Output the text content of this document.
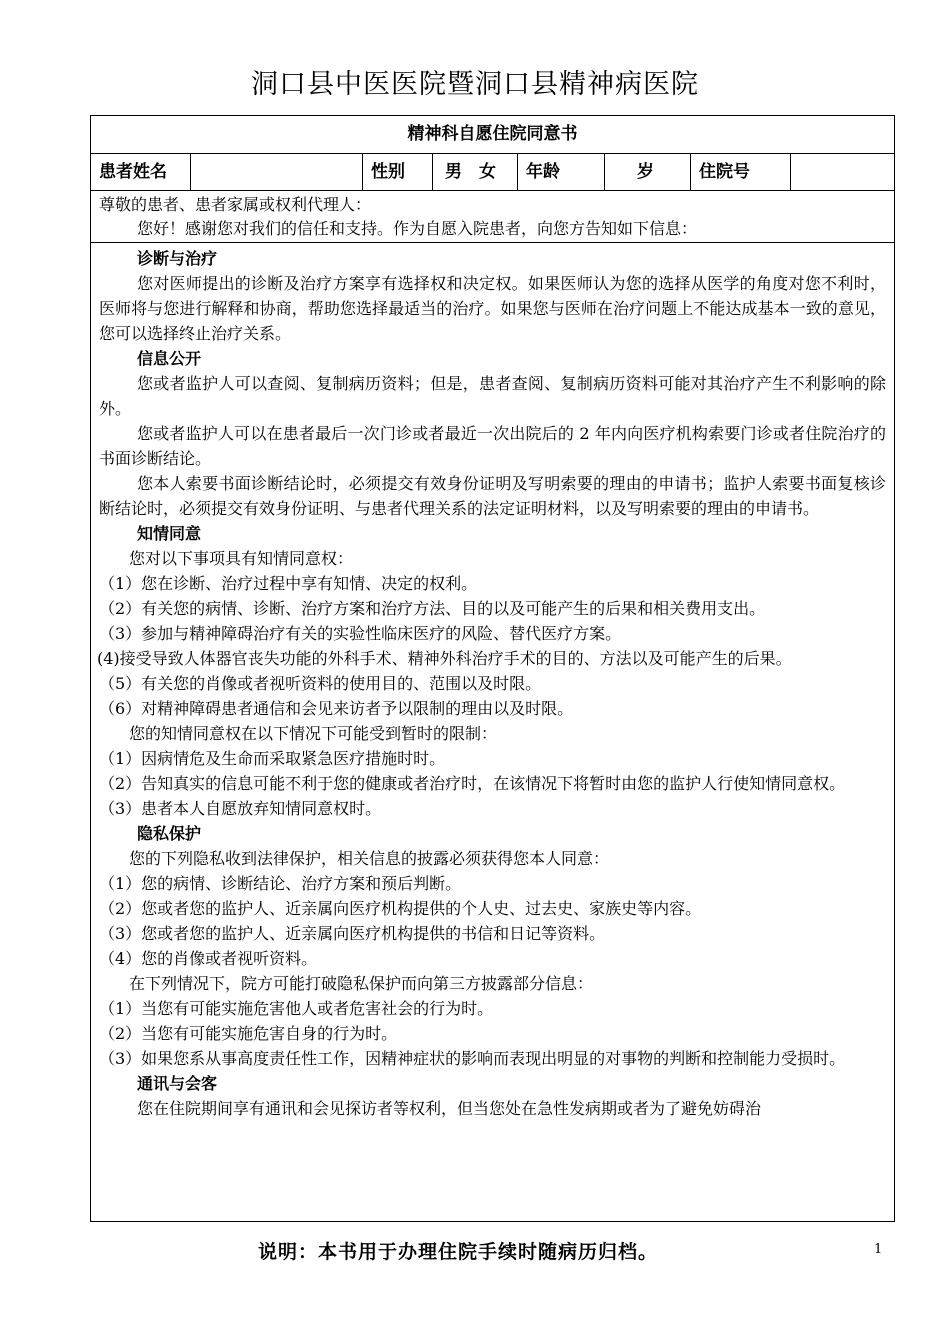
洞口县中医医院暨洞口县精神病医院
精神科自愿住院同意书
患者姓名	性别	男　女	年龄	岁	住院号

尊敬的患者、患者家属或权利代理人：

您好！感谢您对我们的信任和支持。作为自愿入院患者，向您方告知如下信息：

诊断与治疗

您对医师提出的诊断及治疗方案享有选择权和决定权。如果医师认为您的选择从医学的角度对您不利时，医师将与您进行解释和协商，帮助您选择最适当的治疗。如果您与医师在治疗问题上不能达成基本一致的意见，您可以选择终止治疗关系。

信息公开

您或者监护人可以查阅、复制病历资料；但是，患者查阅、复制病历资料可能对其治疗产生不利影响的除外。

您或者监护人可以在患者最后一次门诊或者最近一次出院后的 2 年内向医疗机构索要门诊或者住院治疗的书面诊断结论。

您本人索要书面诊断结论时，必须提交有效身份证明及写明索要的理由的申请书；监护人索要书面复核诊断结论时，必须提交有效身份证明、与患者代理关系的法定证明材料，以及写明索要的理由的申请书。

知情同意

您对以下事项具有知情同意权：

（1）您在诊断、治疗过程中享有知情、决定的权利。

（2）有关您的病情、诊断、治疗方案和治疗方法、目的以及可能产生的后果和相关费用支出。

（3）参加与精神障碍治疗有关的实验性临床医疗的风险、替代医疗方案。

(4)接受导致人体器官丧失功能的外科手术、精神外科治疗手术的目的、方法以及可能产生的后果。

（5）有关您的肖像或者视听资料的使用目的、范围以及时限。

（6）对精神障碍患者通信和会见来访者予以限制的理由以及时限。

您的知情同意权在以下情况下可能受到暂时的限制：

（1）因病情危及生命而采取紧急医疗措施时时。

（2）告知真实的信息可能不利于您的健康或者治疗时，在该情况下将暂时由您的监护人行使知情同意权。

（3）患者本人自愿放弃知情同意权时。

隐私保护

您的下列隐私收到法律保护，相关信息的披露必须获得您本人同意：

（1）您的病情、诊断结论、治疗方案和预后判断。

（2）您或者您的监护人、近亲属向医疗机构提供的个人史、过去史、家族史等内容。

（3）您或者您的监护人、近亲属向医疗机构提供的书信和日记等资料。

（4）您的肖像或者视听资料。

在下列情况下，院方可能打破隐私保护而向第三方披露部分信息：

（1）当您有可能实施危害他人或者危害社会的行为时。

（2）当您有可能实施危害自身的行为时。

（3）如果您系从事高度责任性工作，因精神症状的影响而表现出明显的对事物的判断和控制能力受损时。

通讯与会客

您在住院期间享有通讯和会见探访者等权利，但当您处在急性发病期或者为了避免妨碍治

说明：本书用于办理住院手续时随病历归档。	1
